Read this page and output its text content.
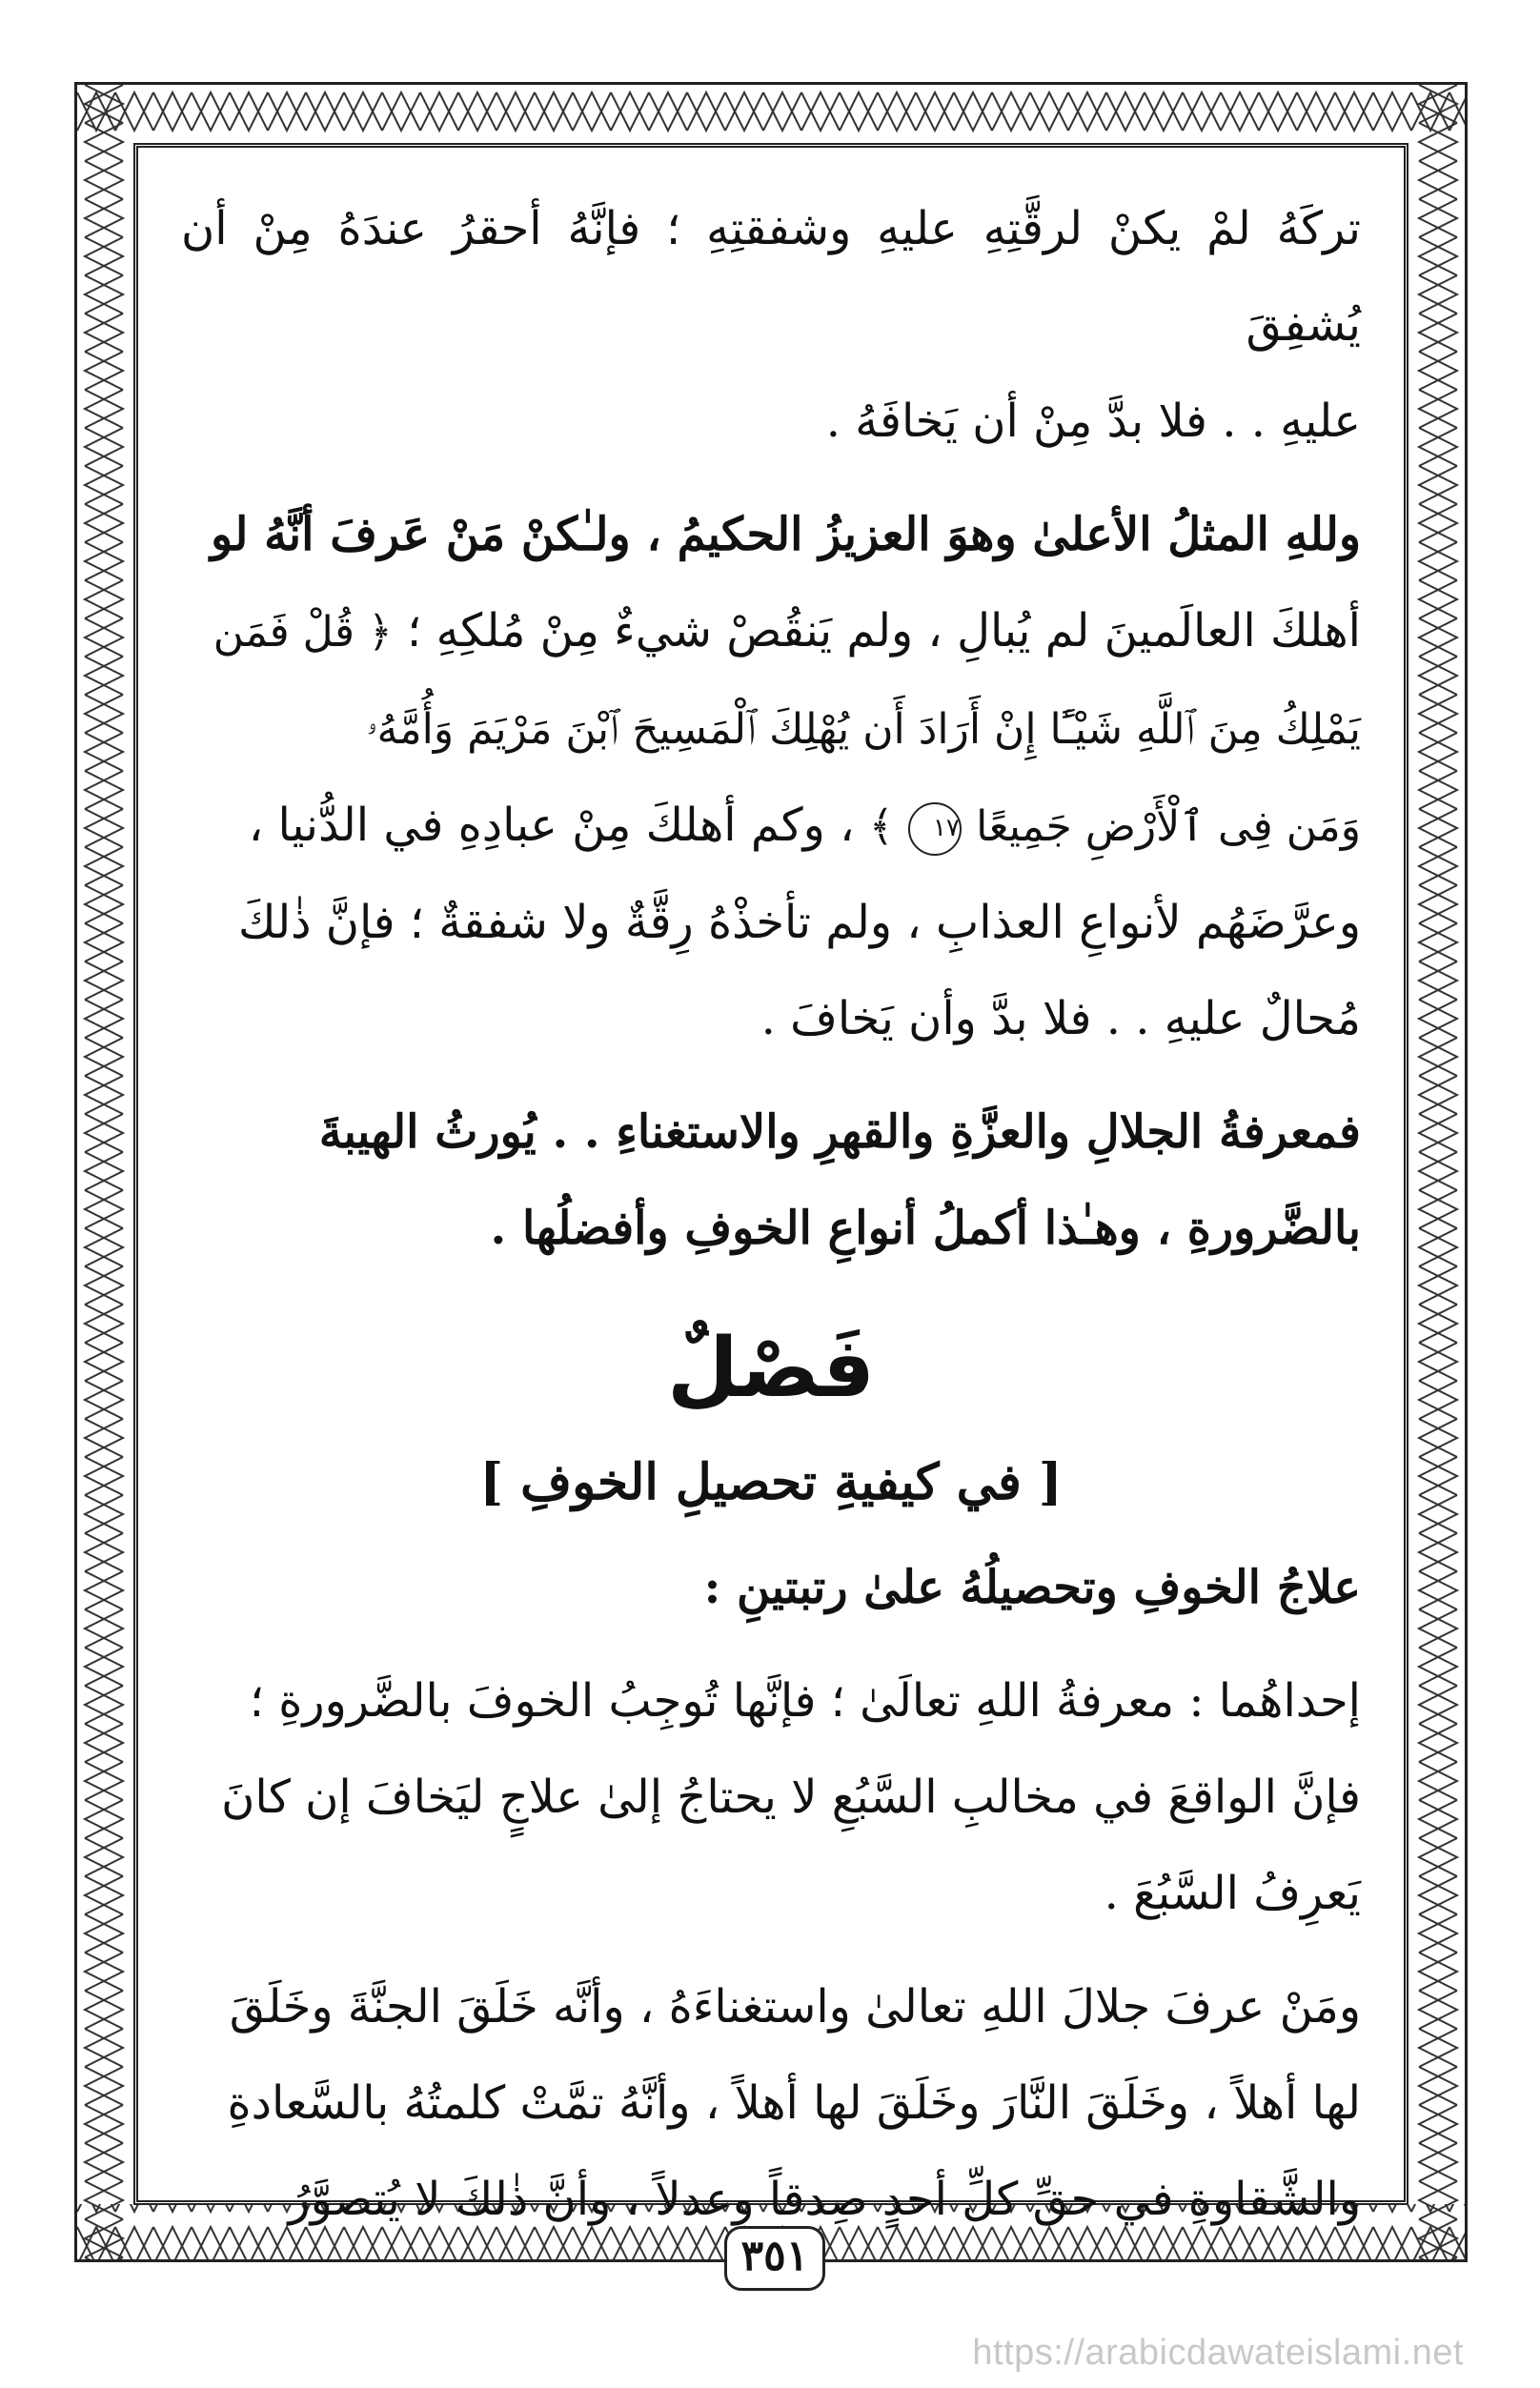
تركَهُ لمْ يكنْ لرقَّتِهِ عليهِ وشفقتِهِ ؛ فإنَّهُ أحقرُ عندَهُ مِنْ أن يُشفِقَ
عليهِ . . فلا بدَّ مِنْ أن يَخافَهُ .

وللهِ المثلُ الأعلىٰ وهوَ العزيزُ الحكيمُ ، ولـٰكنْ مَنْ عَرفَ أنَّهُ لو
أهلكَ العالَمينَ لم يُبالِ ، ولم يَنقُصْ شيءٌ مِنْ مُلكِهِ ؛ ﴿ قُلْ فَمَن
يَمْلِكُ مِنَ ٱللَّهِ شَيْـًٔا إِنْ أَرَادَ أَن يُهْلِكَ ٱلْمَسِيحَ ٱبْنَ مَرْيَمَ وَأُمَّهُۥ
وَمَن فِى ٱلْأَرْضِ جَمِيعًا ١٧ ﴾ ، وكم أهلكَ مِنْ عبادِهِ في الدُّنيا ،
وعرَّضَهُم لأنواعِ العذابِ ، ولم تأخذْهُ رِقَّةٌ ولا شفقةٌ ؛ فإنَّ ذٰلكَ
مُحالٌ عليهِ . . فلا بدَّ وأن يَخافَ .

فمعرفةُ الجلالِ والعزَّةِ والقهرِ والاستغناءِ . . يُورثُ الهيبةَ
بالضَّرورةِ ، وهـٰذا أكملُ أنواعِ الخوفِ وأفضلُها .

فَصْلٌ
[ في كيفيةِ تحصيلِ الخوفِ ]

علاجُ الخوفِ وتحصيلُهُ علىٰ رتبتينِ :

إحداهُما : معرفةُ اللهِ تعالَىٰ ؛ فإنَّها تُوجِبُ الخوفَ بالضَّرورةِ ؛
فإنَّ الواقعَ في مخالبِ السَّبُعِ لا يحتاجُ إلىٰ علاجٍ ليَخافَ إن كانَ
يَعرِفُ السَّبُعَ .

ومَنْ عرفَ جلالَ اللهِ تعالىٰ واستغناءَهُ ، وأنَّه خَلَقَ الجنَّةَ وخَلَقَ
لها أهلاً ، وخَلَقَ النَّارَ وخَلَقَ لها أهلاً ، وأنَّهُ تمَّتْ كلمتُهُ بالسَّعادةِ
والشَّقاوةِ في حقِّ كلِّ أحدٍ صِدقاً وعدلاً ، وأنَّ ذٰلكَ لا يُتصوَّرُ

٣٥١
https://arabicdawateislami.net
